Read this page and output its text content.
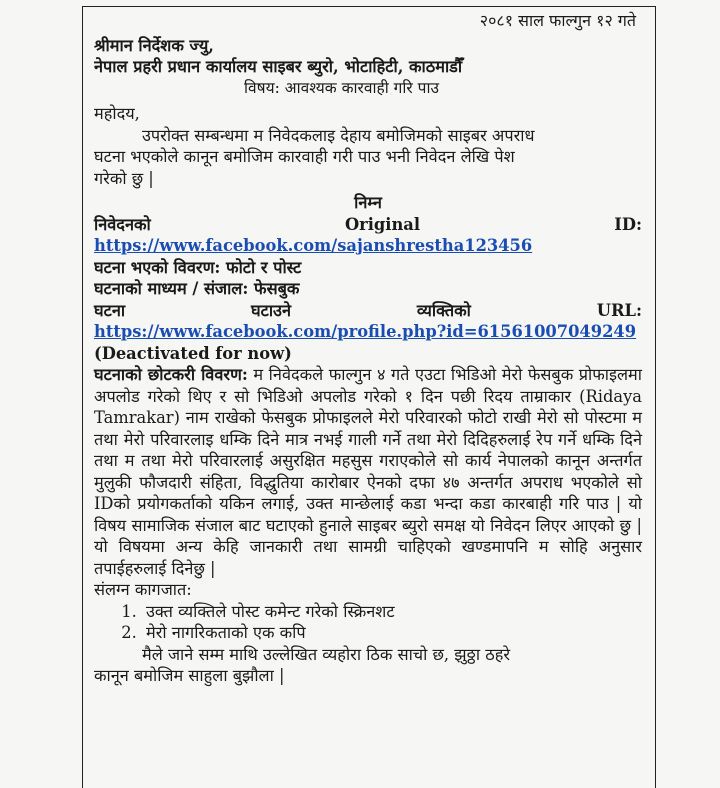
२०८१ साल फाल्गुन १२ गते
श्रीमान निर्देशक ज्यु,
नेपाल प्रहरी प्रधान कार्यालय साइबर ब्युरो, भोटाहिटी, काठमाडौँ
विषय: आवश्यक कारवाही गरि पाउ
महोदय,
उपरोक्त सम्बन्धमा म निवेदकलाइ देहाय बमोजिमको साइबर अपराध
घटना भएकोले कानून बमोजिम कारवाही गरी पाउ भनी निवेदन लेखि पेश
गरेको छु |
निम्न
निवेदनको	Original	ID:
https://www.facebook.com/sajanshrestha123456
घटना भएको विवरण: फोटो र पोस्ट
घटनाको माध्यम / संजाल: फेसबुक
घटना	घटाउने	व्यक्तिको	URL:
https://www.facebook.com/profile.php?id=61561007049249
(Deactivated for now)
घटनाको छोटकरी विवरण: म निवेदकले फाल्गुन ४ गते एउटा भिडिओ मेरो फेसबुक प्रोफाइलमा अपलोड गरेको थिए र सो भिडिओ अपलोड गरेको १ दिन पछी रिदय ताम्राकार (Ridaya Tamrakar) नाम राखेको फेसबुक प्रोफाइलले मेरो परिवारको फोटो राखी मेरो सो पोस्टमा म तथा मेरो परिवारलाइ धम्कि दिने मात्र नभई गाली गर्ने तथा मेरो दिदिहरुलाई रेप गर्ने धम्कि दिने तथा म तथा मेरो परिवारलाई असुरक्षित महसुस गराएकोले सो कार्य नेपालको कानून अन्तर्गत मुलुकी फौजदारी संहिता, विद्धुतिया कारोबार ऐनको दफा ४७ अन्तर्गत अपराध भएकोले सो IDको प्रयोगकर्ताको यकिन लगाई, उक्त मान्छेलाई कडा भन्दा कडा कारबाही गरि पाउ | यो विषय सामाजिक संजाल बाट घटाएको हुनाले साइबर ब्युरो समक्ष यो निवेदन लिएर आएको छु | यो विषयमा अन्य केहि जानकारी तथा सामग्री चाहिएको खण्डमापनि म सोहि अनुसार तपाईहरुलाई दिनेछु |
संलग्न कागजात:
1. उक्त व्यक्तिले पोस्ट कमेन्ट गरेको स्क्रिनशट
2. मेरो नागरिकताको एक कपि
मैले जाने सम्म माथि उल्लेखित व्यहोरा ठिक साचो छ, झुठ्ठा ठहरे
कानून बमोजिम साहुला बुझौला |
